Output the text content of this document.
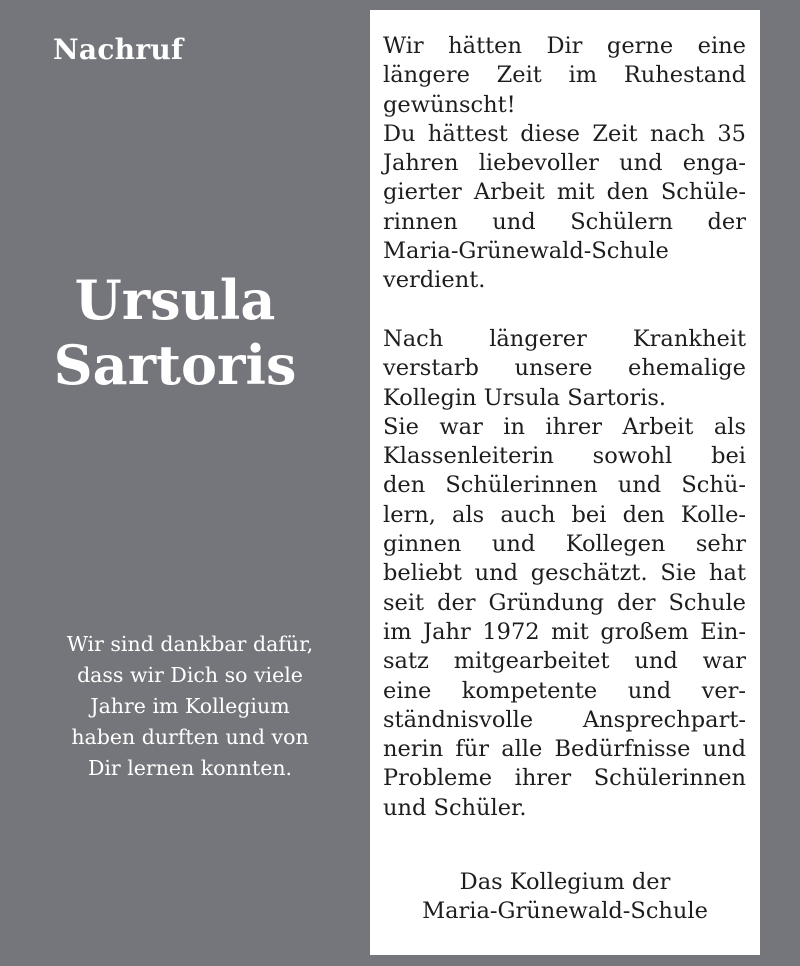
Nachruf
Ursula
Sartoris
Wir sind dankbar dafür,
dass wir Dich so viele
Jahre im Kollegium
haben durften und von
Dir lernen konnten.

Wir hätten Dir gerne eine
längere Zeit im Ruhestand
gewünscht!
Du hättest diese Zeit nach 35
Jahren liebevoller und enga-
gierter Arbeit mit den Schüle-
rinnen und Schülern der
Maria-Grünewald-Schule
verdient.

Nach längerer Krankheit
verstarb unsere ehemalige
Kollegin Ursula Sartoris.
Sie war in ihrer Arbeit als
Klassenleiterin sowohl bei
den Schülerinnen und Schü-
lern, als auch bei den Kolle-
ginnen und Kollegen sehr
beliebt und geschätzt. Sie hat
seit der Gründung der Schule
im Jahr 1972 mit großem Ein-
satz mitgearbeitet und war
eine kompetente und ver-
ständnisvolle Ansprechpart-
nerin für alle Bedürfnisse und
Probleme ihrer Schülerinnen
und Schüler.

Das Kollegium der
Maria-Grünewald-Schule
